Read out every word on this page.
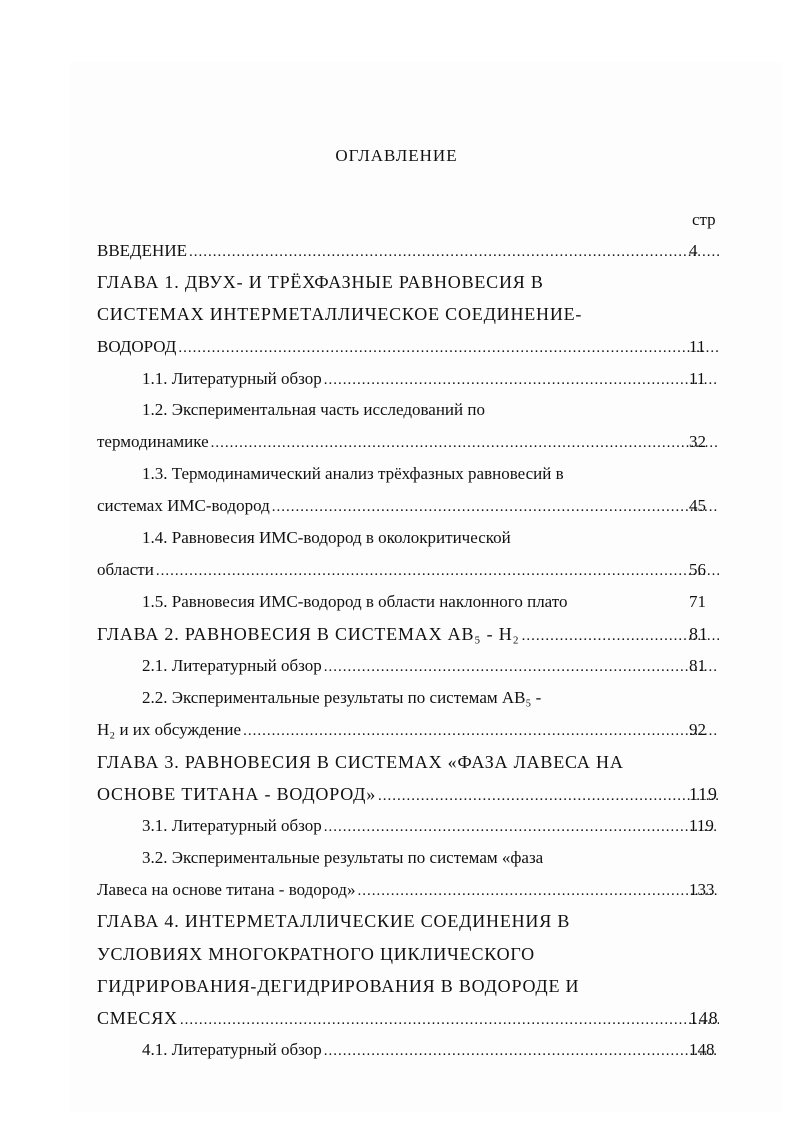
ОГЛАВЛЕНИЕ
стр
ВВЕДЕНИЕ .....	4
ГЛАВА 1. ДВУХ- И ТРЁХФАЗНЫЕ РАВНОВЕСИЯ В
СИСТЕМАХ ИНТЕРМЕТАЛЛИЧЕСКОЕ СОЕДИНЕНИЕ-
ВОДОРОД .....	11
1.1. Литературный обзор .....	11
1.2. Экспериментальная часть исследований по
термодинамике .....	32
1.3. Термодинамический анализ трёхфазных равновесий в
системах ИМС-водород .....	45
1.4. Равновесия ИМС-водород в околокритической
области .....	56
1.5. Равновесия ИМС-водород в области наклонного плато	71
ГЛАВА 2. РАВНОВЕСИЯ В СИСТЕМАХ AB₅ - H₂ .....	81
2.1. Литературный обзор .....	81
2.2. Экспериментальные результаты по системам AB₅ -
H₂ и их обсуждение .....	92
ГЛАВА 3. РАВНОВЕСИЯ В СИСТЕМАХ «ФАЗА ЛАВЕСА НА
ОСНОВЕ ТИТАНА - ВОДОРОД» .....	119
3.1. Литературный обзор .....	119
3.2. Экспериментальные результаты по системам «фаза
Лавеса на основе титана - водород» .....	133
ГЛАВА 4. ИНТЕРМЕТАЛЛИЧЕСКИЕ СОЕДИНЕНИЯ В
УСЛОВИЯХ МНОГОКРАТНОГО ЦИКЛИЧЕСКОГО
ГИДРИРОВАНИЯ-ДЕГИДРИРОВАНИЯ В ВОДОРОДЕ И
СМЕСЯХ .....	148
4.1. Литературный обзор .....	148
